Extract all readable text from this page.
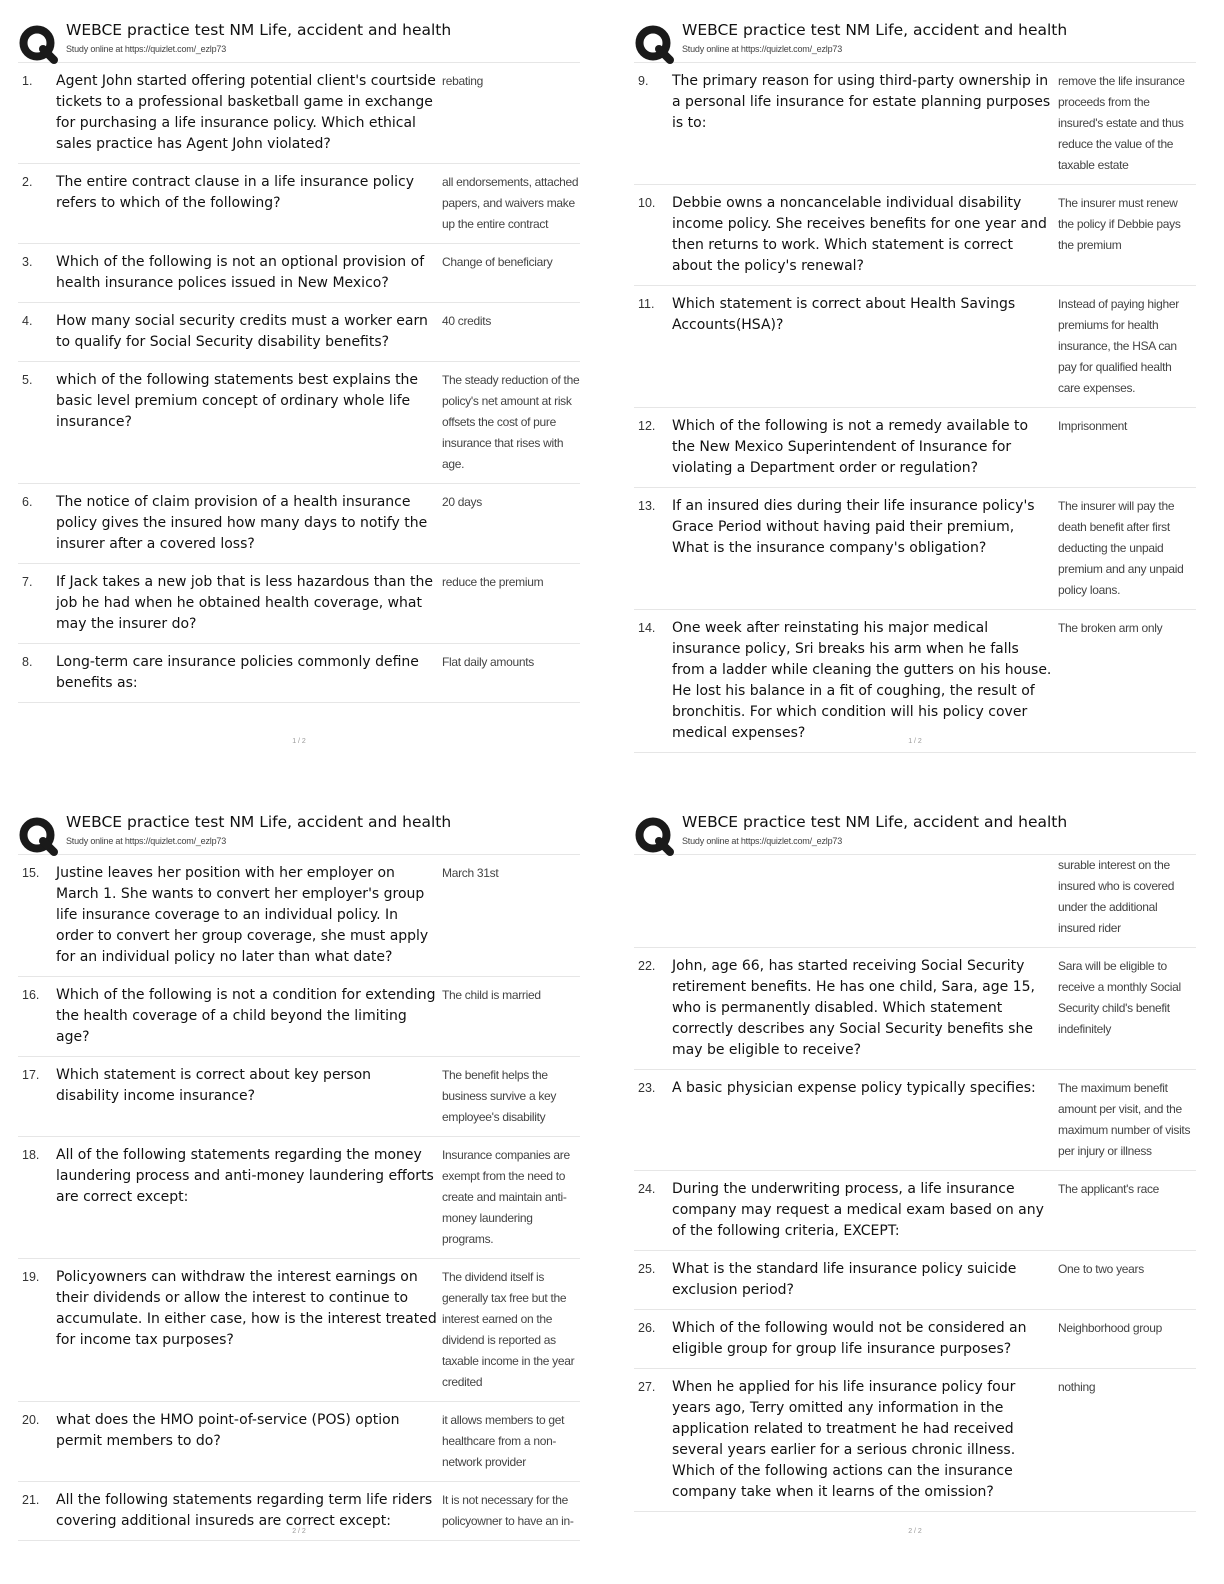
WEBCE practice test NM Life, accident and health
Study online at https://quizlet.com/_ezlp73
1.	Agent John started offering potential client's courtside tickets to a professional basketball game in exchange for purchasing a life insurance policy. Which ethical sales practice has Agent John violated?
rebating
2.	The entire contract clause in a life insurance policy refers to which of the following?
all endorsements, attached papers, and waivers make up the entire contract
3.	Which of the following is not an optional provision of health insurance polices issued in New Mexico?
Change of beneficiary
4.	How many social security credits must a worker earn to qualify for Social Security disability benefits?
40 credits
5.	which of the following statements best explains the basic level premium concept of ordinary whole life insurance?
The steady reduction of the policy's net amount at risk offsets the cost of pure insurance that rises with age.
6.	The notice of claim provision of a health insurance policy gives the insured how many days to notify the insurer after a covered loss?
20 days
7.	If Jack takes a new job that is less hazardous than the job he had when he obtained health coverage, what may the insurer do?
reduce the premium
8.	Long-term care insurance policies commonly define benefits as:
Flat daily amounts
1 / 2
WEBCE practice test NM Life, accident and health
Study online at https://quizlet.com/_ezlp73
9.	The primary reason for using third-party ownership in a personal life insurance for estate planning purposes is to:
remove the life insurance proceeds from the insured's estate and thus reduce the value of the taxable estate
10.	Debbie owns a noncancelable individual disability income policy. She receives benefits for one year and then returns to work. Which statement is correct about the policy's renewal?
The insurer must renew the policy if Debbie pays the premium
11.	Which statement is correct about Health Savings Accounts(HSA)?
Instead of paying higher premiums for health insurance, the HSA can pay for qualified health care expenses.
12.	Which of the following is not a remedy available to the New Mexico Superintendent of Insurance for violating a Department order or regulation?
Imprisonment
13.	If an insured dies during their life insurance policy's Grace Period without having paid their premium, What is the insurance company's obligation?
The insurer will pay the death benefit after first deducting the unpaid premium and any unpaid policy loans.
14.	One week after reinstating his major medical insurance policy, Sri breaks his arm when he falls from a ladder while cleaning the gutters on his house. He lost his balance in a fit of coughing, the result of bronchitis. For which condition will his policy cover medical expenses?
The broken arm only
1 / 2
WEBCE practice test NM Life, accident and health
Study online at https://quizlet.com/_ezlp73
15.	Justine leaves her position with her employer on March 1. She wants to convert her employer's group life insurance coverage to an individual policy. In order to convert her group coverage, she must apply for an individual policy no later than what date?
March 31st
16.	Which of the following is not a condition for extending the health coverage of a child beyond the limiting age?
The child is married
17.	Which statement is correct about key person disability income insurance?
The benefit helps the business survive a key employee's disability
18.	All of the following statements regarding the money laundering process and anti-money laundering efforts are correct except:
Insurance companies are exempt from the need to create and maintain anti-money laundering programs.
19.	Policyowners can withdraw the interest earnings on their dividends or allow the interest to continue to accumulate. In either case, how is the interest treated for income tax purposes?
The dividend itself is generally tax free but the interest earned on the dividend is reported as taxable income in the year credited
20.	what does the HMO point-of-service (POS) option permit members to do?
it allows members to get healthcare from a non-network provider
21.	All the following statements regarding term life riders covering additional insureds are correct except:
It is not necessary for the policyowner to have an in-
2 / 2
WEBCE practice test NM Life, accident and health
Study online at https://quizlet.com/_ezlp73
surable interest on the insured who is covered under the additional insured rider
22.	John, age 66, has started receiving Social Security retirement benefits. He has one child, Sara, age 15, who is permanently disabled. Which statement correctly describes any Social Security benefits she may be eligible to receive?
Sara will be eligible to receive a monthly Social Security child's benefit indefinitely
23.	A basic physician expense policy typically specifies:	The maximum benefit amount per visit, and the maximum number of visits per injury or illness
24.	During the underwriting process, a life insurance company may request a medical exam based on any of the following criteria, EXCEPT:
The applicant's race
25.	What is the standard life insurance policy suicide exclusion period?
One to two years
26.	Which of the following would not be considered an eligible group for group life insurance purposes?
Neighborhood group
27.	When he applied for his life insurance policy four years ago, Terry omitted any information in the application related to treatment he had received several years earlier for a serious chronic illness. Which of the following actions can the insurance company take when it learns of the omission?
nothing
2 / 2
